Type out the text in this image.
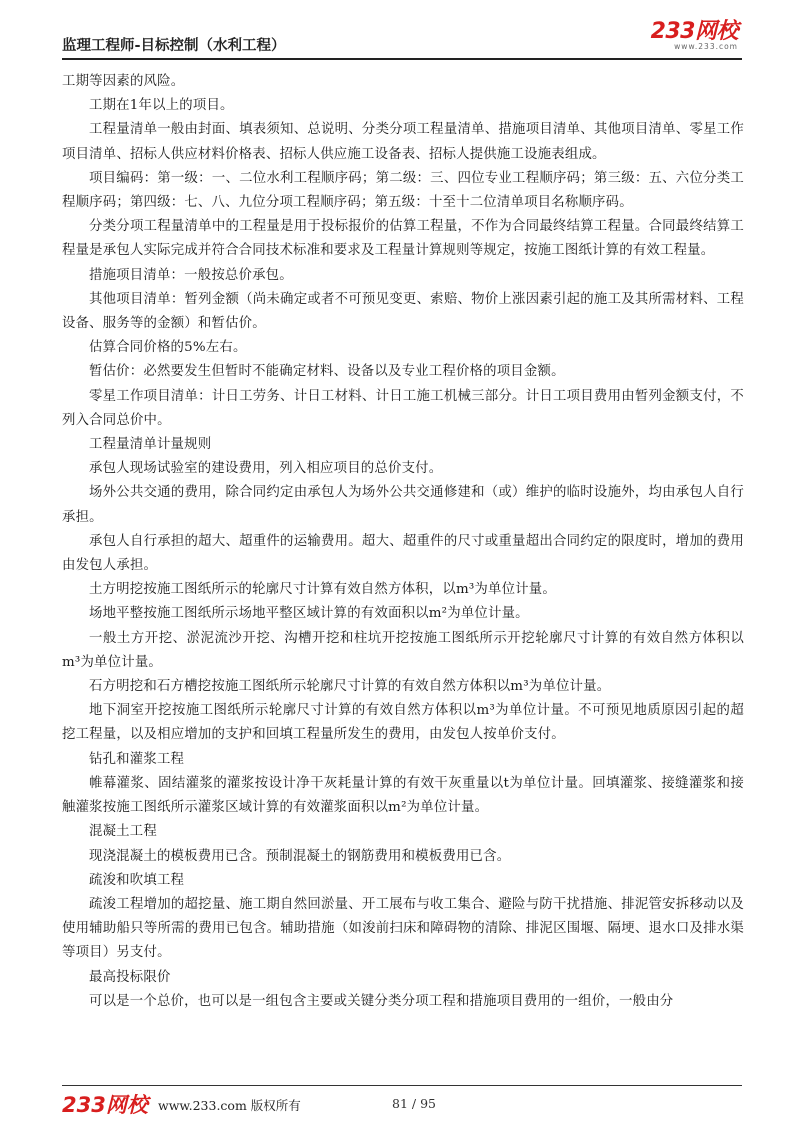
监理工程师-目标控制（水利工程）
233网校
www.233.com

工期等因素的风险。

工期在1年以上的项目。

工程量清单一般由封面、填表须知、总说明、分类分项工程量清单、措施项目清单、其他项目清单、零星工作项目清单、招标人供应材料价格表、招标人供应施工设备表、招标人提供施工设施表组成。

项目编码：第一级：一、二位水利工程顺序码；第二级：三、四位专业工程顺序码；第三级：五、六位分类工程顺序码；第四级：七、八、九位分项工程顺序码；第五级：十至十二位清单项目名称顺序码。

分类分项工程量清单中的工程量是用于投标报价的估算工程量，不作为合同最终结算工程量。合同最终结算工程量是承包人实际完成并符合合同技术标准和要求及工程量计算规则等规定，按施工图纸计算的有效工程量。

措施项目清单：一般按总价承包。

其他项目清单：暂列金额（尚未确定或者不可预见变更、索赔、物价上涨因素引起的施工及其所需材料、工程设备、服务等的金额）和暂估价。

估算合同价格的5%左右。

暂估价：必然要发生但暂时不能确定材料、设备以及专业工程价格的项目金额。

零星工作项目清单：计日工劳务、计日工材料、计日工施工机械三部分。计日工项目费用由暂列金额支付，不列入合同总价中。

工程量清单计量规则

承包人现场试验室的建设费用，列入相应项目的总价支付。

场外公共交通的费用，除合同约定由承包人为场外公共交通修建和（或）维护的临时设施外，均由承包人自行承担。

承包人自行承担的超大、超重件的运输费用。超大、超重件的尺寸或重量超出合同约定的限度时，增加的费用由发包人承担。

土方明挖按施工图纸所示的轮廓尺寸计算有效自然方体积，以m³为单位计量。

场地平整按施工图纸所示场地平整区域计算的有效面积以m²为单位计量。

一般土方开挖、淤泥流沙开挖、沟槽开挖和柱坑开挖按施工图纸所示开挖轮廓尺寸计算的有效自然方体积以m³为单位计量。

石方明挖和石方槽挖按施工图纸所示轮廓尺寸计算的有效自然方体积以m³为单位计量。

地下洞室开挖按施工图纸所示轮廓尺寸计算的有效自然方体积以m³为单位计量。不可预见地质原因引起的超挖工程量，以及相应增加的支护和回填工程量所发生的费用，由发包人按单价支付。

钻孔和灌浆工程

帷幕灌浆、固结灌浆的灌浆按设计净干灰耗量计算的有效干灰重量以t为单位计量。回填灌浆、接缝灌浆和接触灌浆按施工图纸所示灌浆区域计算的有效灌浆面积以m²为单位计量。

混凝土工程

现浇混凝土的模板费用已含。预制混凝土的钢筋费用和模板费用已含。

疏浚和吹填工程

疏浚工程增加的超挖量、施工期自然回淤量、开工展布与收工集合、避险与防干扰措施、排泥管安拆移动以及使用辅助船只等所需的费用已包含。辅助措施（如浚前扫床和障碍物的清除、排泥区围堰、隔埂、退水口及排水渠等项目）另支付。

最高投标限价

可以是一个总价，也可以是一组包含主要或关键分类分项工程和措施项目费用的一组价，一般由分

233网校 www.233.com 版权所有	81 / 95
